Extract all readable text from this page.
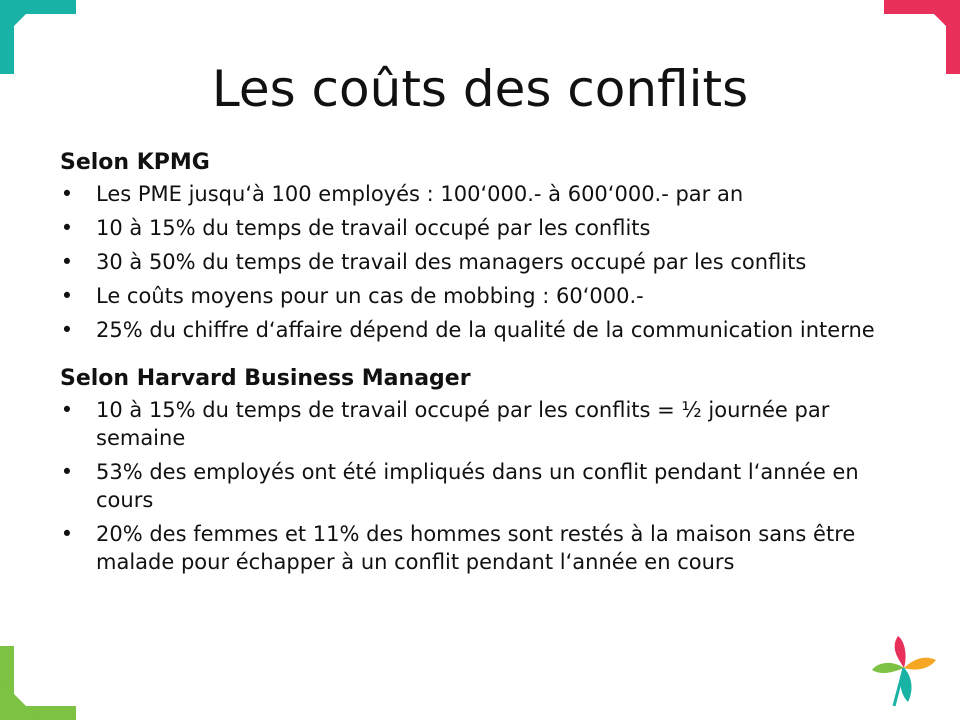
Les coûts des conflits

Selon KPMG

• Les PME jusqu‘à 100 employés : 100‘000.- à 600‘000.- par an
• 10 à 15% du temps de travail occupé par les conflits
• 30 à 50% du temps de travail des managers occupé par les conflits
• Le coûts moyens pour un cas de mobbing : 60‘000.-
• 25% du chiffre d‘affaire dépend de la qualité de la communication interne

Selon Harvard Business Manager

• 10 à 15% du temps de travail occupé par les conflits = ½ journée par semaine
• 53% des employés ont été impliqués dans un conflit pendant l‘année en cours
• 20% des femmes et 11% des hommes sont restés à la maison sans être malade pour échapper à un conflit pendant l‘année en cours
